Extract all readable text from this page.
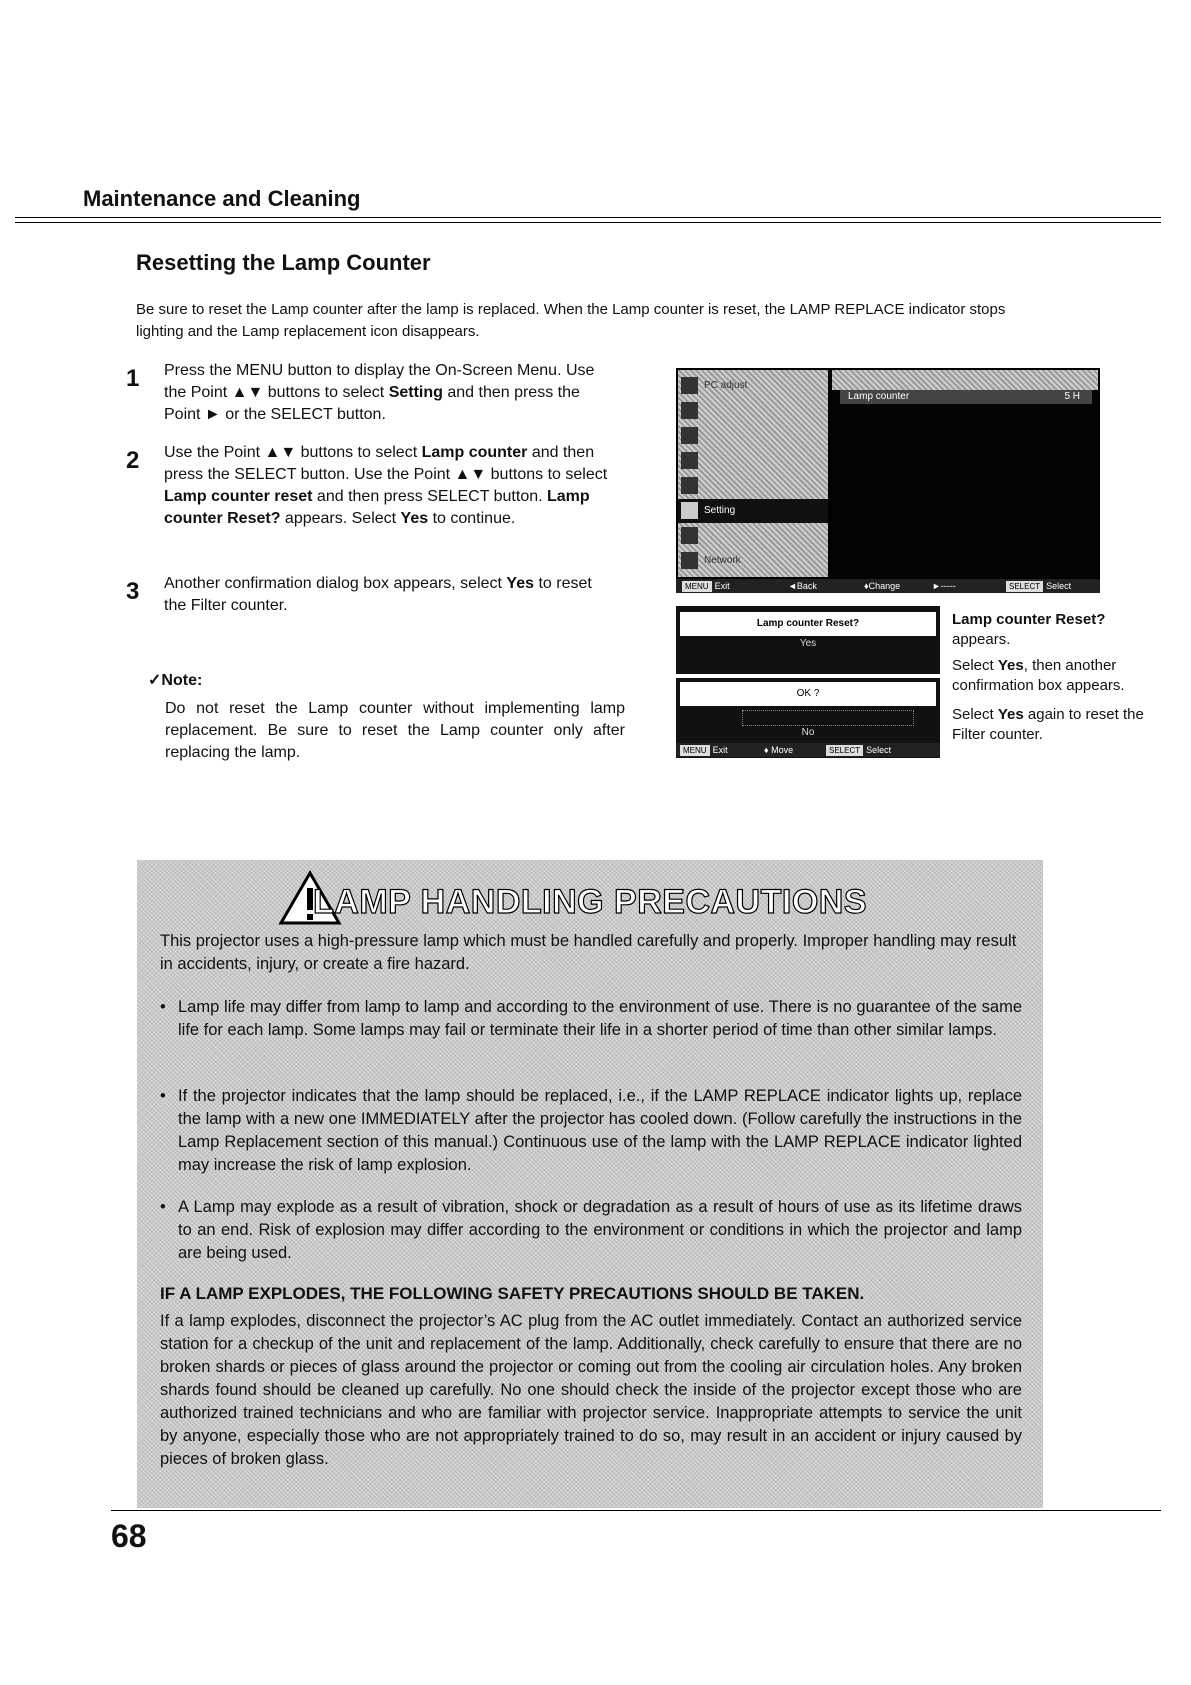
Maintenance and Cleaning
Resetting the Lamp Counter
Be sure to reset the Lamp counter after the lamp is replaced. When the Lamp counter is reset, the LAMP REPLACE indicator stops lighting and the Lamp replacement icon disappears.
1 Press the MENU button to display the On-Screen Menu. Use the Point ▲▼ buttons to select Setting and then press the Point ► or the SELECT button.
2 Use the Point ▲▼ buttons to select Lamp counter and then press the SELECT button. Use the Point ▲▼ buttons to select Lamp counter reset and then press SELECT button. Lamp counter Reset? appears. Select Yes to continue.
3 Another confirmation dialog box appears, select Yes to reset the Filter counter.
✓Note:
Do not reset the Lamp counter without implementing lamp replacement. Be sure to reset the Lamp counter only after replacing the lamp.
PC adjust
Setting
Network
Lamp counter	5 H
MENU Exit	◄Back	♦Change	►-----	SELECT Select
Lamp counter Reset?
Yes
OK ?
No
MENU Exit	♦ Move	SELECT Select
Lamp counter Reset?
appears.
Select Yes, then another confirmation box appears.
Select Yes again to reset the Filter counter.
LAMP HANDLING PRECAUTIONS
This projector uses a high-pressure lamp which must be handled carefully and properly. Improper handling may result in accidents, injury, or create a fire hazard.
• Lamp life may differ from lamp to lamp and according to the environment of use. There is no guarantee of the same life for each lamp. Some lamps may fail or terminate their life in a shorter period of time than other similar lamps.
• If the projector indicates that the lamp should be replaced, i.e., if the LAMP REPLACE indicator lights up, replace the lamp with a new one IMMEDIATELY after the projector has cooled down. (Follow carefully the instructions in the Lamp Replacement section of this manual.) Continuous use of the lamp with the LAMP REPLACE indicator lighted may increase the risk of lamp explosion.
• A Lamp may explode as a result of vibration, shock or degradation as a result of hours of use as its lifetime draws to an end. Risk of explosion may differ according to the environment or conditions in which the projector and lamp are being used.
IF A LAMP EXPLODES, THE FOLLOWING SAFETY PRECAUTIONS SHOULD BE TAKEN.
If a lamp explodes, disconnect the projector’s AC plug from the AC outlet immediately. Contact an authorized service station for a checkup of the unit and replacement of the lamp. Additionally, check carefully to ensure that there are no broken shards or pieces of glass around the projector or coming out from the cooling air circulation holes. Any broken shards found should be cleaned up carefully. No one should check the inside of the projector except those who are authorized trained technicians and who are familiar with projector service. Inappropriate attempts to service the unit by anyone, especially those who are not appropriately trained to do so, may result in an accident or injury caused by pieces of broken glass.
68
